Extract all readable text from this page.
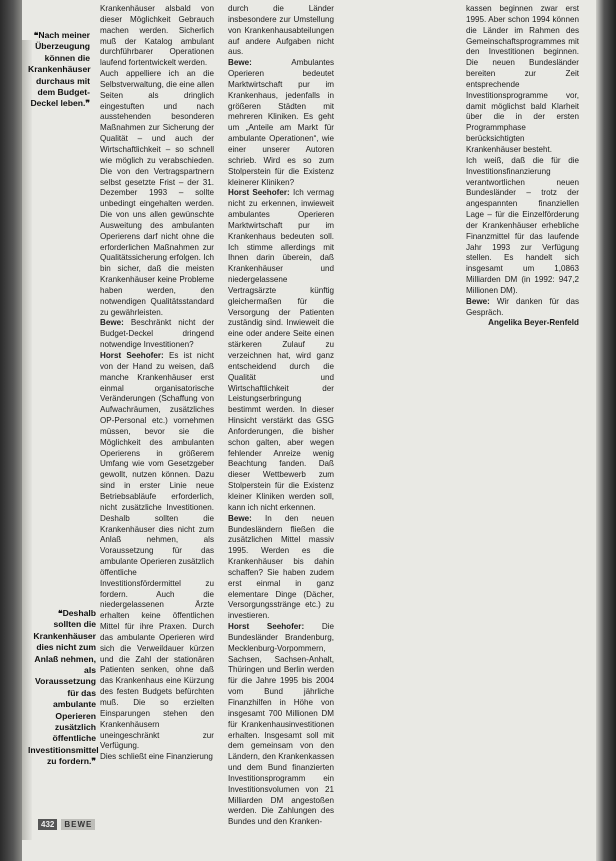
❝Nach meiner Überzeugung können die Krankenhäuser durchaus mit dem Budget-Deckel leben.❞
❝Deshalb sollten die Krankenhäuser dies nicht zum Anlaß nehmen, als Voraussetzung für das ambulante Operieren zusätzlich öffentliche Investitionsmittel zu fordern.❞

Krankenhäuser alsbald von dieser Möglichkeit Gebrauch machen werden. Sicherlich muß der Katalog ambulant durchführbarer Operationen laufend fortentwickelt werden.

Auch appelliere ich an die Selbstverwaltung, die eine allen Seiten als dringlich eingestuften und nach ausstehenden besonderen Maßnahmen zur Sicherung der Qualität – und auch der Wirtschaftlichkeit – so schnell wie möglich zu verabschieden. Die von den Vertragspartnern selbst gesetzte Frist – der 31. Dezember 1993 – sollte unbedingt eingehalten werden. Die von uns allen gewünschte Ausweitung des ambulanten Operierens darf nicht ohne die erforderlichen Maßnahmen zur Qualitätssicherung erfolgen. Ich bin sicher, daß die meisten Krankenhäuser keine Probleme haben werden, den notwendigen Qualitätsstandard zu gewährleisten.

Bewe: Beschränkt nicht der Budget-Deckel dringend notwendige Investitionen?

Horst Seehofer: Es ist nicht von der Hand zu weisen, daß manche Krankenhäuser erst einmal organisatorische Veränderungen (Schaffung von Aufwachräumen, zusätzliches OP-Personal etc.) vornehmen müssen, bevor sie die Möglichkeit des ambulanten Operierens in größerem Umfang wie vom Gesetzgeber gewollt, nutzen können. Dazu sind in erster Linie neue Betriebsabläufe erforderlich, nicht zusätzliche Investitionen. Deshalb sollten die Krankenhäuser dies nicht zum Anlaß nehmen, als Voraussetzung für das ambulante Operieren zusätzlich öffentliche Investitionsfördermittel zu fordern. Auch die niedergelassenen Ärzte erhalten keine öffentlichen Mittel für ihre Praxen. Durch das ambulante Operieren wird sich die Verweildauer kürzen und die Zahl der stationären Patienten senken, ohne daß das Krankenhaus eine Kürzung des festen Budgets befürchten muß. Die so erzielten Einsparungen stehen den Krankenhäusern uneingeschränkt zur Verfügung.

Dies schließt eine Finanzierung

durch die Länder insbesondere zur Umstellung von Krankenhausabteilungen auf andere Aufgaben nicht aus.

Bewe:	Ambulantes Operieren bedeutet Marktwirtschaft pur im Krankenhaus, jedenfalls in größeren Städten mit mehreren Kliniken. Es geht um „Anteile am Markt für ambulante Operationen“, wie einer unserer Autoren schrieb. Wird es so zum Stolperstein für die Existenz kleinerer Kliniken?

Horst Seehofer: Ich vermag nicht zu erkennen, inwieweit ambulantes Operieren Marktwirtschaft pur im Krankenhaus bedeuten soll. Ich stimme allerdings mit Ihnen darin überein, daß Krankenhäuser und niedergelassene Vertragsärzte künftig gleichermaßen für die Versorgung der Patienten zuständig sind. Inwieweit die eine oder andere Seite einen stärkeren Zulauf zu verzeichnen hat, wird ganz entscheidend durch die Qualität und Wirtschaftlichkeit der Leistungserbringung bestimmt werden. In dieser Hinsicht verstärkt das GSG Anforderungen, die bisher schon galten, aber wegen fehlender Anreize wenig Beachtung fanden. Daß dieser Wettbewerb zum Stolperstein für die Existenz kleiner Kliniken werden soll, kann ich nicht erkennen.

Bewe: In den neuen Bundesländern fließen die zusätzlichen Mittel massiv 1995. Werden es die Krankenhäuser bis dahin schaffen? Sie haben zudem erst einmal in ganz elementare Dinge (Dächer, Versorgungsstränge etc.) zu investieren.

Horst Seehofer: Die Bundesländer Brandenburg, Mecklenburg-Vorpommern, Sachsen, Sachsen-Anhalt, Thüringen und Berlin werden für die Jahre 1995 bis 2004 vom Bund jährliche Finanzhilfen in Höhe von insgesamt 700 Millionen DM für Krankenhausinvestitionen erhalten. Insgesamt soll mit dem gemeinsam von den Ländern, den Krankenkassen und dem Bund finanzierten Investitionsprogramm ein Investitionsvolumen von 21 Milliarden DM angestoßen werden. Die Zahlungen des Bundes und den Kranken-

kassen beginnen zwar erst 1995. Aber schon 1994 können die Länder im Rahmen des Gemeinschaftsprogrammes mit den Investitionen beginnen. Die neuen Bundesländer bereiten zur Zeit entsprechende Investitionsprogramme vor, damit möglichst bald Klarheit über die in der ersten Programmphase berücksichtigten Krankenhäuser besteht.

Ich weiß, daß die für die Investitionsfinanzierung verantwortlichen neuen Bundesländer – trotz der angespannten finanziellen Lage – für die Einzelförderung der Krankenhäuser erhebliche Finanzmittel für das laufende Jahr 1993 zur Verfügung stellen. Es handelt sich insgesamt um 1,0863 Milliarden DM (in 1992: 947,2 Millionen DM).

Bewe: Wir danken für das Gespräch.

Angelika Beyer-Renfeld
432	BEWE
